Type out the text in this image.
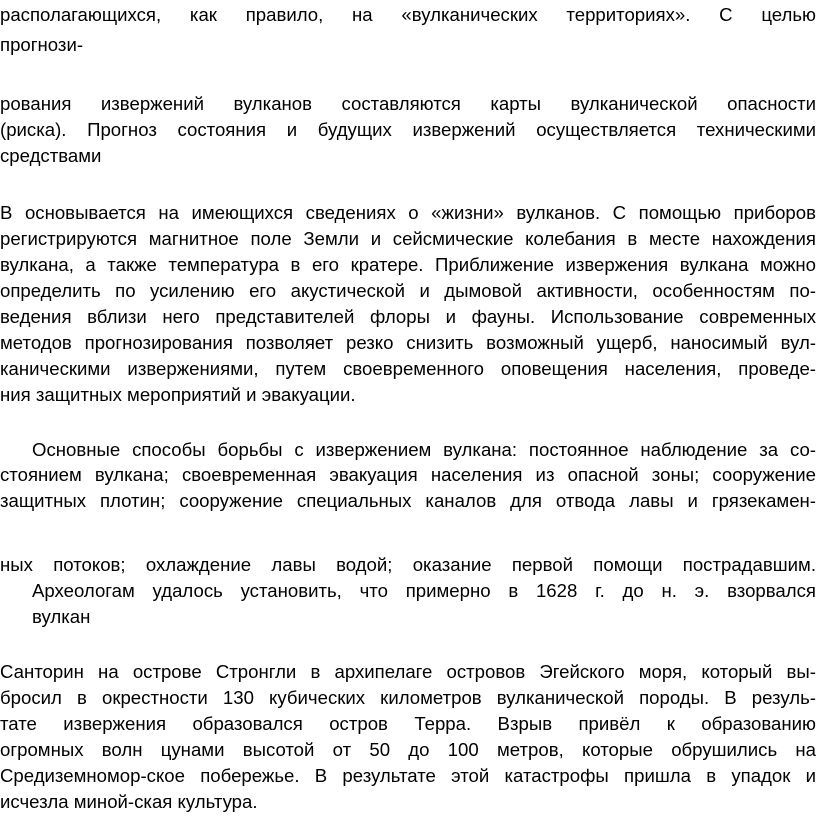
располагающихся, как правило, на «вулканических территориях». С целью
прогнози-
рования извержений вулканов составляются карты вулканической опасности
(риска). Прогноз состояния и будущих извержений осуществляется техническими
средствами
В основывается на имеющихся сведениях о «жизни» вулканов. С помощью приборов
регистрируются магнитное поле Земли и сейсмические колебания в месте нахождения
вулкана, а также температура в его кратере. Приближение извержения вулкана можно
определить по усилению его акустической и дымовой активности, особенностям по-
ведения вблизи него представителей флоры и фауны. Использование современных
методов прогнозирования позволяет резко снизить возможный ущерб, наносимый вул-
каническими извержениями, путем своевременного оповещения населения, проведе-
ния защитных мероприятий и эвакуации.
Основные способы борьбы с извержением вулкана: постоянное наблюдение за со-
стоянием вулкана; своевременная эвакуация населения из опасной зоны; сооружение
защитных плотин; сооружение специальных каналов для отвода лавы и грязекамен-
ных потоков; охлаждение лавы водой; оказание первой помощи пострадавшим.
Археологам удалось установить, что примерно в 1628 г. до н. э. взорвался
вулкан
Санторин на острове Стронгли в архипелаге островов Эгейского моря, который вы-
бросил в окрестности 130 кубических километров вулканической породы. В резуль-
тате извержения образовался остров Терра. Взрыв привёл к образованию
огромных волн цунами высотой от 50 до 100 метров, которые обрушились на
Средиземномор-ское побережье. В результате этой катастрофы пришла в упадок и
исчезла миной-ская культура.
